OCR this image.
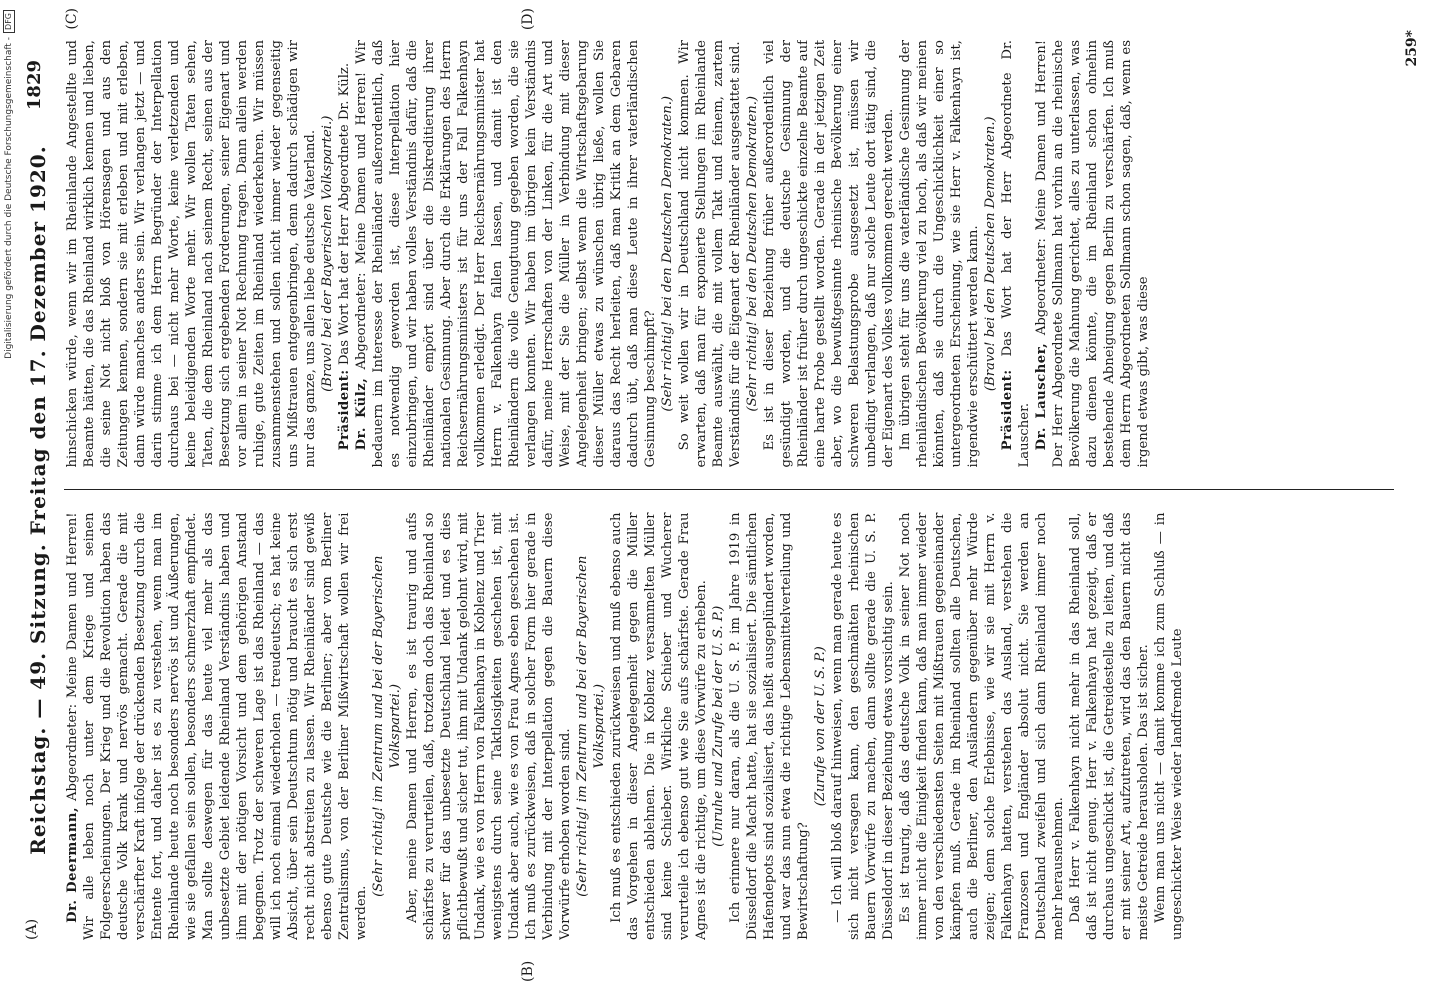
(A)
Reichstag. — 49. Sitzung. Freitag den 17. Dezember 1920.
1829

Dr. Deermann, Abgeordneter: Meine Damen und Herren! Wir alle leben noch unter dem Kriege und seinen Folgeerscheinungen. Der Krieg und die Revolution haben das deutsche Volk krank und nervös gemacht. Gerade die mit verschärfter Kraft infolge der drückenden Besetzung durch die Entente fort, und daher ist es zu verstehen, wenn man im Rheinlande heute noch besonders nervös ist und Äußerungen, wie sie gefallen sein sollen, besonders schmerzhaft empfindet. Man sollte deswegen für das heute viel mehr als das unbesetzte Gebiet leidende Rheinland Verständnis haben und ihm mit der nötigen Vorsicht und dem gehörigen Anstand begegnen. Trotz der schweren Lage ist das Rheinland — das will ich noch einmal wiederholen — treudeutsch; es hat keine Absicht, über sein Deutschtum nötig und braucht es sich erst recht nicht abstreiten zu lassen. Wir Rheinländer sind gewiß ebenso gute Deutsche wie die Berliner; aber vom Berliner Zentralismus, von der Berliner Mißwirtschaft wollen wir frei werden.

(Sehr richtig! im Zentrum und bei der Bayerischen Volkspartei.) Aber, meine Damen und Herren, es ist traurig und aufs schärfste zu verurteilen, daß, trotzdem doch das Rheinland so schwer für das unbesetzte Deutschland leidet und es dies pflichtbewußt und sicher tut, ihm mit Undank gelohnt wird, mit Undank, wie es von Herrn von Falkenhayn in Koblenz und Trier wenigstens durch seine Taktlosigkeiten geschehen ist, mit Undank aber auch, wie es von Frau Agnes eben geschehen ist. Ich muß es zurückweisen, daß in solcher Form hier gerade in Verbindung mit der Interpellation gegen die Bauern diese Vorwürfe erhoben worden sind. (Sehr richtig! im Zentrum und bei der Bayerischen Volkspartei.) Ich muß es entschieden zurückweisen und muß ebenso auch das Vorgehen in dieser Angelegenheit gegen die Müller entschieden ablehnen. Die in Koblenz versammelten Müller sind keine Schieber. Wirkliche Schieber und Wucherer verurteile ich ebenso gut wie Sie aufs schärfste. Gerade Frau Agnes ist die richtige, um diese Vorwürfe zu erheben. (Unruhe und Zurufe bei der U. S. P.) Ich erinnere nur daran, als die U. S. P. im Jahre 1919 in Düsseldorf die Macht hatte, hat sie sozialisiert. Die sämtlichen Hafendepots sind sozialisiert, das heißt ausgeplündert worden, und war das nun etwa die richtige Lebensmittelverteilung und Bewirtschaftung?

(Zurufe von der U. S. P.) — Ich will bloß darauf hinweisen, wenn man gerade heute es sich nicht versagen kann, den geschmähten rheinischen Bauern Vorwürfe zu machen, dann sollte gerade die U. S. P. Düsseldorf in dieser Beziehung etwas vorsichtig sein. Es ist traurig, daß das deutsche Volk in seiner Not noch immer nicht die Einigkeit finden kann, daß man immer wieder von den verschiedensten Seiten mit Mißtrauen gegeneinander kämpfen muß. Gerade im Rheinland sollten alle Deutschen, auch die Berliner, den Ausländern gegenüber mehr Würde zeigen; denn solche Erlebnisse, wie wir sie mit Herrn v. Falkenhayn hatten, verstehen das Ausland, verstehen die Franzosen und Engländer absolut nicht. Sie werden an Deutschland zweifeln und sich dann Rheinland immer noch mehr herausnehmen. Daß Herr v. Falkenhayn nicht mehr in das Rheinland soll, daß ist nicht genug. Herr v. Falkenhayn hat gezeigt, daß er durchaus ungeschickt ist, die Getreidestelle zu leiten, und daß er mit seiner Art, aufzutreten, wird das den Bauern nicht das meiste Getreide herausholen. Das ist sicher. Wenn man uns nicht — damit komme ich zum Schluß — in ungeschickter Weise wieder landfremde Leute

hinschicken würde, wenn wir im Rheinlande Angestellte und Beamte hätten, die das Rheinland wirklich kennen und lieben, die seine Not nicht bloß von Hörensagen und aus den Zeitungen kennen, sondern sie mit erleben und mit erleben, dann würde manches anders sein. Wir verlangen jetzt — und darin stimme ich dem Herrn Begründer der Interpellation durchaus bei — nicht mehr Worte, keine verletzenden und keine beleidigenden Worte mehr. Wir wollen Taten sehen, Taten, die dem Rheinland nach seinem Recht, seinen aus der Besetzung sich ergebenden Forderungen, seiner Eigenart und vor allem in seiner Not Rechnung tragen. Dann allein werden ruhige, gute Zeiten im Rheinland wiederkehren. Wir müssen zusammenstehen und sollen nicht immer wieder gegenseitig uns Mißtrauen entgegenbringen, denn dadurch schädigen wir nur das ganze, uns allen liebe deutsche Vaterland. (Bravo! bei der Bayerischen Volkspartei.)

Präsident: Das Wort hat der Herr Abgeordnete Dr. Külz.

Dr. Külz, Abgeordneter: Meine Damen und Herren! Wir bedauern im Interesse der Rheinländer außerordentlich, daß es notwendig geworden ist, diese Interpellation hier einzubringen, und wir haben volles Verständnis dafür, daß die Rheinländer empört sind über die Diskreditierung ihrer nationalen Gesinnung. Aber durch die Erklärungen des Herrn Reichsernährungsministers ist für uns der Fall Falkenhayn vollkommen erledigt. Der Herr Reichsernährungsminister hat Herrn v. Falkenhayn fallen lassen, und damit ist den Rheinländern die volle Genugtuung gegeben worden, die sie verlangen konnten. Wir haben im übrigen kein Verständnis dafür, meine Herrschaften von der Linken, für die Art und Weise, mit der Sie die Müller in Verbindung mit dieser Angelegenheit bringen; selbst wenn die Wirtschaftsgebarung dieser Müller etwas zu wünschen übrig ließe, wollen Sie daraus das Recht herleiten, daß man Kritik an dem Gebaren dadurch übt, daß man diese Leute in ihrer vaterländischen Gesinnung beschimpft? (Sehr richtig! bei den Deutschen Demokraten.) So weit wollen wir in Deutschland nicht kommen. Wir erwarten, daß man für exponierte Stellungen im Rheinlande Beamte auswählt, die mit vollem Takt und feinem, zartem Verständnis für die Eigenart der Rheinländer ausgestattet sind. (Sehr richtig! bei den Deutschen Demokraten.) Es ist in dieser Beziehung früher außerordentlich viel gesündigt worden, und die deutsche Gesinnung der Rheinländer ist früher durch ungeschickte einzelne Beamte auf eine harte Probe gestellt worden. Gerade in der jetzigen Zeit aber, wo die bewußtgesinnte rheinische Bevölkerung einer schweren Belastungsprobe ausgesetzt ist, müssen wir unbedingt verlangen, daß nur solche Leute dort tätig sind, die der Eigenart des Volkes vollkommen gerecht werden. Im übrigen steht für uns die vaterländische Gesinnung der rheinländischen Bevölkerung viel zu hoch, als daß wir meinen könnten, daß sie durch die Ungeschicklichkeit einer so untergeordneten Erscheinung, wie sie Herr v. Falkenhayn ist, irgendwie erschüttert werden kann. (Bravo! bei den Deutschen Demokraten.)

Präsident: Das Wort hat der Herr Abgeordnete Dr. Lauscher. Dr. Lauscher, Abgeordneter: Meine Damen und Herren! Der Herr Abgeordnete Sollmann hat vorhin an die rheinische Bevölkerung die Mahnung gerichtet, alles zu unterlassen, was dazu dienen könnte, die im Rheinland schon ohnehin bestehende Abneigung gegen Berlin zu verschärfen. Ich muß dem Herrn Abgeordneten Sollmann schon sagen, daß, wenn es irgend etwas gibt, was diese

(B)
(C)	(D)
259*
Digitalisierung gefördert durch die Deutsche Forschungsgemeinschaft -DFG
